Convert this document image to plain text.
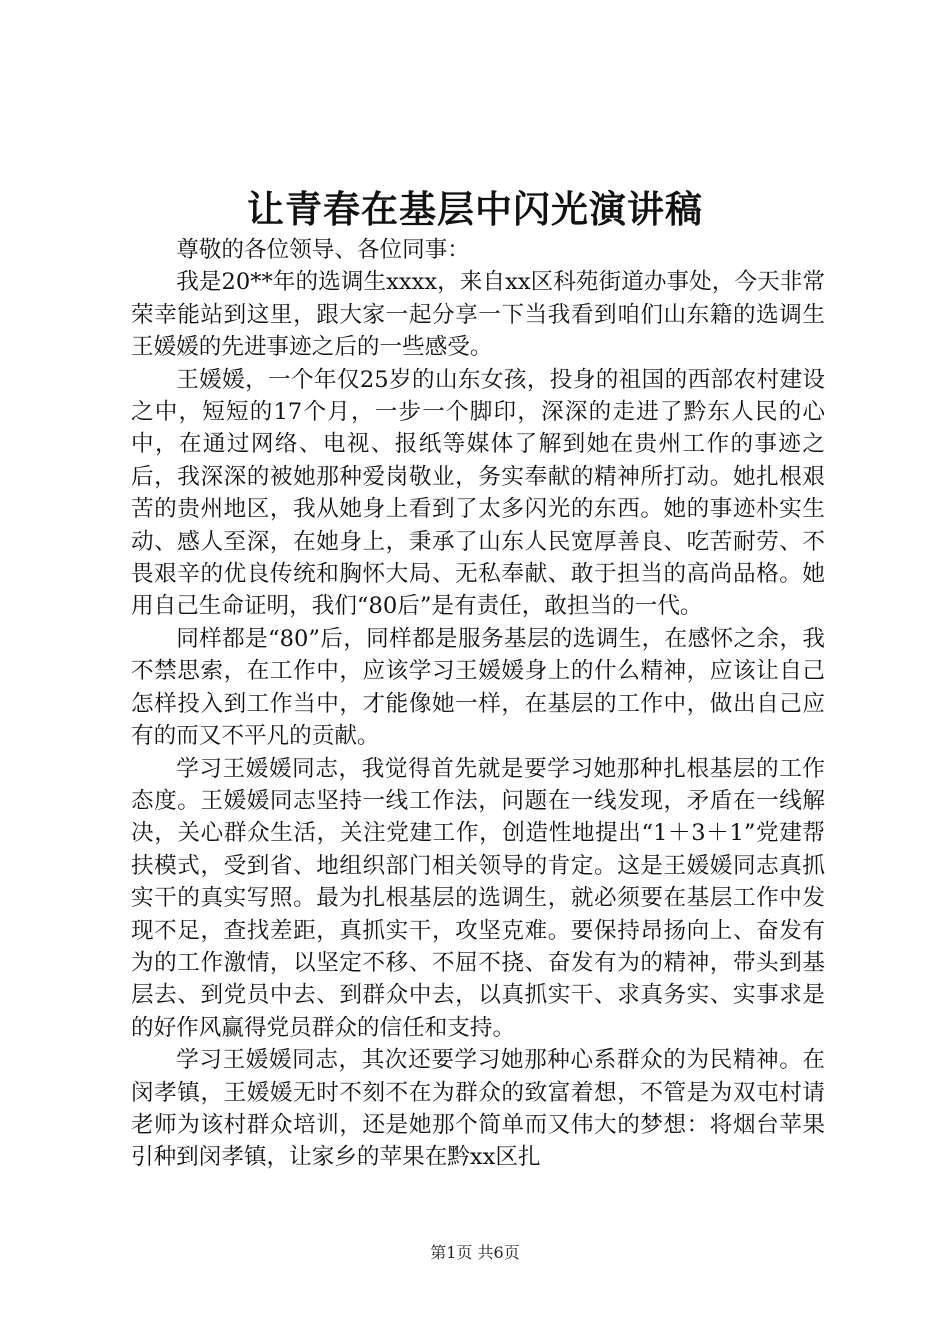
让青春在基层中闪光演讲稿

尊敬的各位领导、各位同事：

我是20**年的选调生xxxx，来自xx区科苑街道办事处，今天非常荣幸能站到这里，跟大家一起分享一下当我看到咱们山东籍的选调生王媛媛的先进事迹之后的一些感受。

王媛媛，一个年仅25岁的山东女孩，投身的祖国的西部农村建设之中，短短的17个月，一步一个脚印，深深的走进了黔东人民的心中，在通过网络、电视、报纸等媒体了解到她在贵州工作的事迹之后，我深深的被她那种爱岗敬业，务实奉献的精神所打动。她扎根艰苦的贵州地区，我从她身上看到了太多闪光的东西。她的事迹朴实生动、感人至深，在她身上，秉承了山东人民宽厚善良、吃苦耐劳、不畏艰辛的优良传统和胸怀大局、无私奉献、敢于担当的高尚品格。她用自己生命证明，我们“80后”是有责任，敢担当的一代。

同样都是“80”后，同样都是服务基层的选调生，在感怀之余，我不禁思索，在工作中，应该学习王媛媛身上的什么精神，应该让自己怎样投入到工作当中，才能像她一样，在基层的工作中，做出自己应有的而又不平凡的贡献。

学习王媛媛同志，我觉得首先就是要学习她那种扎根基层的工作态度。王媛媛同志坚持一线工作法，问题在一线发现，矛盾在一线解决，关心群众生活，关注党建工作，创造性地提出“1＋3＋1”党建帮扶模式，受到省、地组织部门相关领导的肯定。这是王媛媛同志真抓实干的真实写照。最为扎根基层的选调生，就必须要在基层工作中发现不足，查找差距，真抓实干，攻坚克难。要保持昂扬向上、奋发有为的工作激情，以坚定不移、不屈不挠、奋发有为的精神，带头到基层去、到党员中去、到群众中去，以真抓实干、求真务实、实事求是的好作风赢得党员群众的信任和支持。

学习王媛媛同志，其次还要学习她那种心系群众的为民精神。在闵孝镇，王媛媛无时不刻不在为群众的致富着想，不管是为双屯村请老师为该村群众培训，还是她那个简单而又伟大的梦想：将烟台苹果引种到闵孝镇，让家乡的苹果在黔xx区扎

第1页 共6页
